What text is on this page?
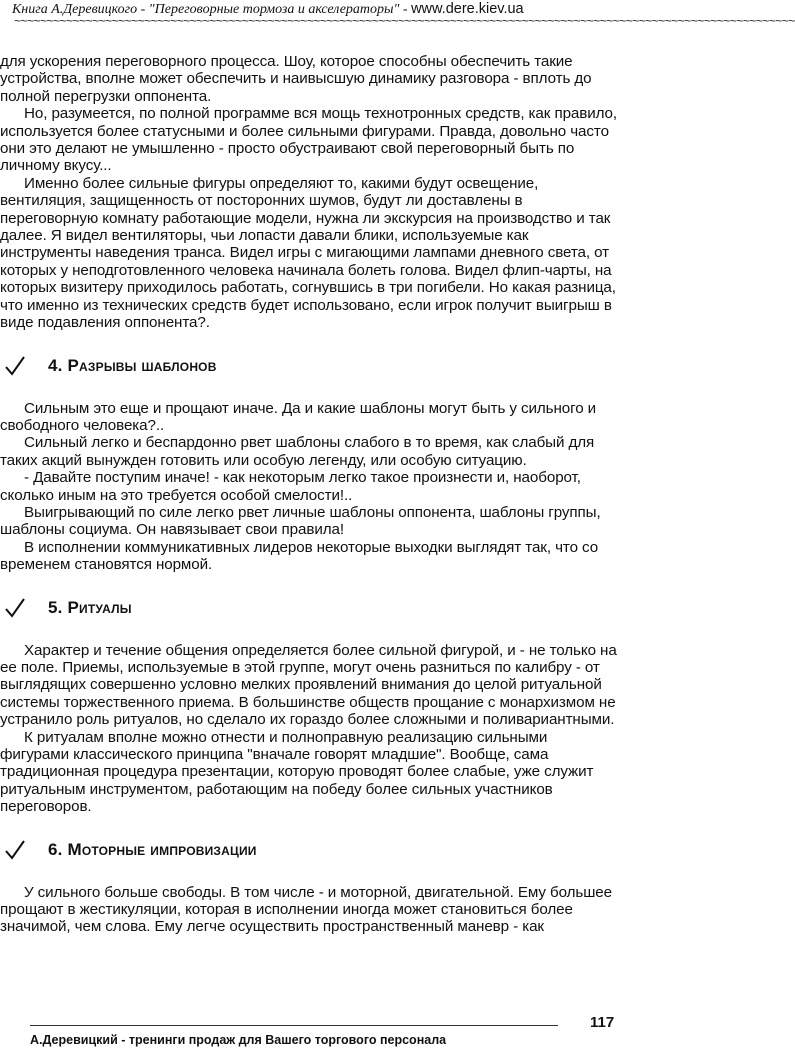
Книга А.Деревицкого - "Переговорные тормоза и акселераторы" - www.dere.kiev.ua
~~~~~~~~~~~~~~~~~~~~~~~~~~~~~~~~~~~~~~~~~~~~~~~~~~~~~~~~~~~~~~~~~~~~~~~~~~~~~~~~~~~~~~~~~~~~~~~~~~~~~~~~~~~~~~~~~~~~~~~~

для ускорения переговорного процесса. Шоу, которое способны обеспечить такие устройства, вполне может обеспечить и наивысшую динамику разговора - вплоть до полной перегрузки оппонента.

Но, разумеется, по полной программе вся мощь технотронных средств, как правило, используется более статусными и более сильными фигурами. Правда, довольно часто они это делают не умышленно - просто обустраивают свой переговорный быть по личному вкусу...

Именно более сильные фигуры определяют то, какими будут освещение, вентиляция, защищенность от посторонних шумов, будут ли доставлены в переговорную комнату работающие модели, нужна ли экскурсия на производство и так далее. Я видел вентиляторы, чьи лопасти давали блики, используемые как инструменты наведения транса. Видел игры с мигающими лампами дневного света, от которых у неподготовленного человека начинала болеть голова. Видел флип-чарты, на которых визитеру приходилось работать, согнувшись в три погибели. Но какая разница, что именно из технических средств будет использовано, если игрок получит выигрыш в виде подавления оппонента?.

4. Разрывы шаблонов

Сильным это еще и прощают иначе. Да и какие шаблоны могут быть у сильного и свободного человека?..

Сильный легко и беспардонно рвет шаблоны слабого в то время, как слабый для таких акций вынужден готовить или особую легенду, или особую ситуацию.

- Давайте поступим иначе! - как некоторым легко такое произнести и, наоборот, сколько иным на это требуется особой смелости!..

Выигрывающий по силе легко рвет личные шаблоны оппонента, шаблоны группы, шаблоны социума. Он навязывает свои правила!

В исполнении коммуникативных лидеров некоторые выходки выглядят так, что со временем становятся нормой.

5. Ритуалы

Характер и течение общения определяется более сильной фигурой, и - не только на ее поле. Приемы, используемые в этой группе, могут очень разниться по калибру - от выглядящих совершенно условно мелких проявлений внимания до целой ритуальной системы торжественного приема. В большинстве обществ прощание с монархизмом не устранило роль ритуалов, но сделало их гораздо более сложными и поливариантными.

К ритуалам вполне можно отнести и полноправную реализацию сильными фигурами классического принципа "вначале говорят младшие". Вообще, сама традиционная процедура презентации, которую проводят более слабые, уже служит ритуальным инструментом, работающим на победу более сильных участников переговоров.

6. Моторные импровизации

У сильного больше свободы. В том числе - и моторной, двигательной. Ему большее прощают в жестикуляции, которая в исполнении иногда может становиться более значимой, чем слова. Ему легче осуществить пространственный маневр - как

117
А.Деревицкий - тренинги продаж для Вашего торгового персонала
